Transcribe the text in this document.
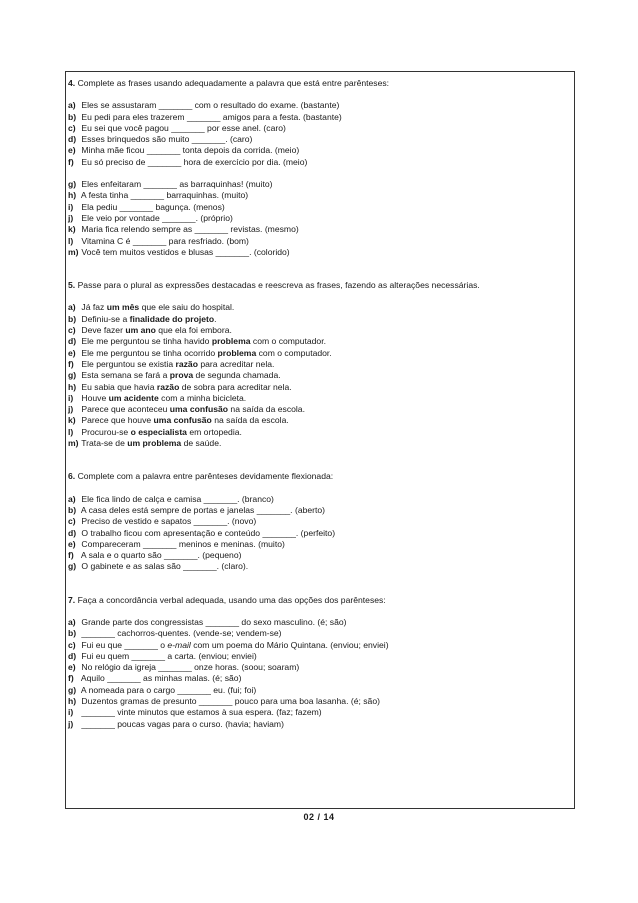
4. Complete as frases usando adequadamente a palavra que está entre parênteses:
a) Eles se assustaram _______ com o resultado do exame. (bastante)
b) Eu pedi para eles trazerem _______ amigos para a festa. (bastante)
c) Eu sei que você pagou _______ por esse anel. (caro)
d) Esses brinquedos são muito _______. (caro)
e) Minha mãe ficou _______ tonta depois da corrida. (meio)
f) Eu só preciso de _______ hora de exercício por dia. (meio)
g) Eles enfeitaram _______ as barraquinhas! (muito)
h) A festa tinha _______ barraquinhas. (muito)
i) Ela pediu _______ bagunça. (menos)
j) Ele veio por vontade _______. (próprio)
k) Maria fica relendo sempre as _______ revistas. (mesmo)
l) Vitamina C é _______ para resfriado. (bom)
m) Você tem muitos vestidos e blusas _______. (colorido)
5. Passe para o plural as expressões destacadas e reescreva as frases, fazendo as alterações necessárias.
a) Já faz um mês que ele saiu do hospital.
b) Definiu-se a finalidade do projeto.
c) Deve fazer um ano que ela foi embora.
d) Ele me perguntou se tinha havido problema com o computador.
e) Ele me perguntou se tinha ocorrido problema com o computador.
f) Ele perguntou se existia razão para acreditar nela.
g) Esta semana se fará a prova de segunda chamada.
h) Eu sabia que havia razão de sobra para acreditar nela.
i) Houve um acidente com a minha bicicleta.
j) Parece que aconteceu uma confusão na saída da escola.
k) Parece que houve uma confusão na saída da escola.
l) Procurou-se o especialista em ortopedia.
m) Trata-se de um problema de saúde.
6. Complete com a palavra entre parênteses devidamente flexionada:
a) Ele fica lindo de calça e camisa _______. (branco)
b) A casa deles está sempre de portas e janelas _______. (aberto)
c) Preciso de vestido e sapatos _______. (novo)
d) O trabalho ficou com apresentação e conteúdo _______. (perfeito)
e) Compareceram _______ meninos e meninas. (muito)
f) A sala e o quarto são _______. (pequeno)
g) O gabinete e as salas são _______. (claro).
7. Faça a concordância verbal adequada, usando uma das opções dos parênteses:
a) Grande parte dos congressistas _______ do sexo masculino. (é; são)
b) _______ cachorros-quentes. (vende-se; vendem-se)
c) Fui eu que _______ o e-mail com um poema do Mário Quintana. (enviou; enviei)
d) Fui eu quem _______ a carta. (enviou; enviei)
e) No relógio da igreja _______ onze horas. (soou; soaram)
f) Aquilo _______ as minhas malas. (é; são)
g) A nomeada para o cargo _______ eu. (fui; foi)
h) Duzentos gramas de presunto _______ pouco para uma boa lasanha. (é; são)
i) _______ vinte minutos que estamos à sua espera. (faz; fazem)
j) _______ poucas vagas para o curso. (havia; haviam)
02 / 14
